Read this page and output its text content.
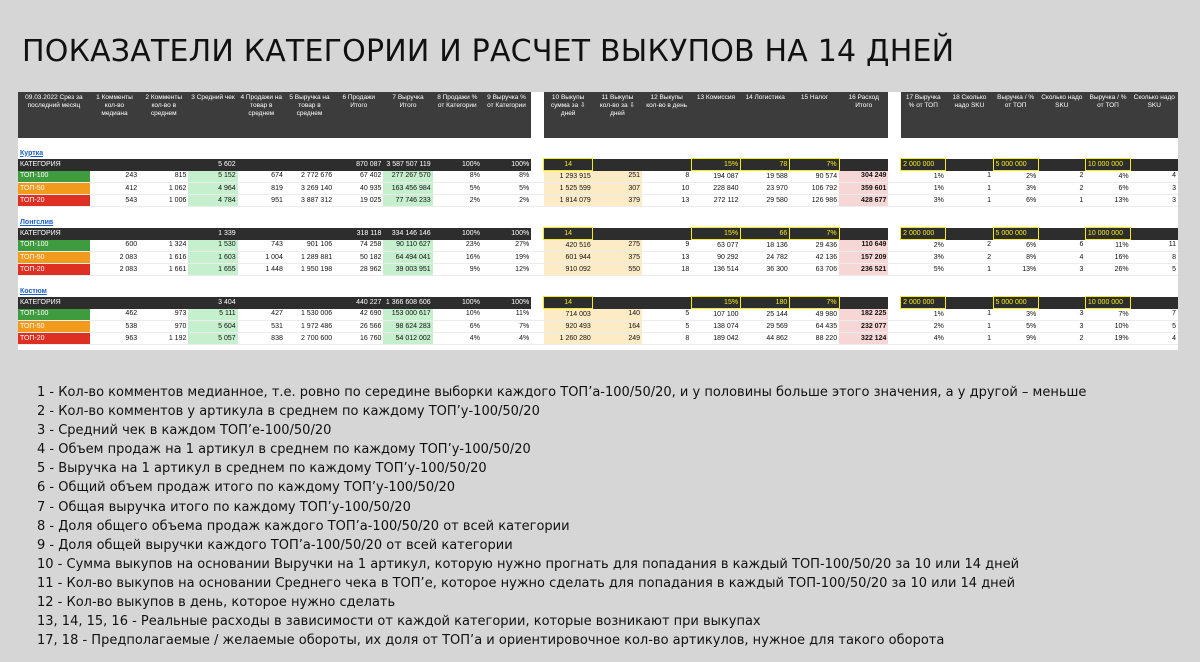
ПОКАЗАТЕЛИ КАТЕГОРИИ И РАСЧЕТ ВЫКУПОВ НА 14 ДНЕЙ
09.03.2022 Срез за последний месяц	1 Комменты кол-во медиана	2 Комменты кол-во в среднем	3 Средний чек	4 Продажи на товар в среднем	5 Выручка на товар в среднем	6 Продажи Итого	7 Выручка Итого	8 Продажи % от Категории	9 Выручка % от Категории		10 Выкупы сумма за ⇩ дней	11 Выкупы кол-во за ⇩ дней	12 Выкупы кол-во в день	13 Комиссия	14 Логистика	15 Налог	16 Расход Итого		17 Выручка % от ТОП	18 Сколько надо SKU	Выручка / % от ТОП	Сколько надо SKU	Выручка / % от ТОП	Сколько надо SKU

Куртка																								
КАТЕГОРИЯ			5 602			870 087	3 587 507 119	100%	100%		14			15%	78	7%			2 000 000		5 000 000		10 000 000	
ТОП-100	243	815	5 152	674	2 772 676	67 402	277 267 570	8%	8%		1 293 915	251	8	194 087	19 588	90 574	304 249		1%	1	2%	2	4%	4
ТОП-50	412	1 062	4 964	819	3 269 140	40 935	163 456 984	5%	5%		1 525 599	307	10	228 840	23 970	106 792	359 601		1%	1	3%	2	6%	3
ТОП-20	543	1 006	4 784	951	3 887 312	19 025	77 746 233	2%	2%		1 814 079	379	13	272 112	29 580	126 986	428 677		3%	1	6%	1	13%	3

Лонгслив																								
КАТЕГОРИЯ			1 339			318 118	334 146 146	100%	100%		14			15%	66	7%			2 000 000		5 000 000		10 000 000	
ТОП-100	600	1 324	1 530	743	901 106	74 258	90 110 627	23%	27%		420 516	275	9	63 077	18 136	29 436	110 649		2%	2	6%	6	11%	11
ТОП-50	2 083	1 616	1 603	1 004	1 289 881	50 182	64 494 041	16%	19%		601 944	375	13	90 292	24 782	42 136	157 209		3%	2	8%	4	16%	8
ТОП-20	2 083	1 661	1 655	1 448	1 950 198	28 962	39 003 951	9%	12%		910 092	550	18	136 514	36 300	63 706	236 521		5%	1	13%	3	26%	5

Костюм																								
КАТЕГОРИЯ			3 404			440 227	1 366 608 606	100%	100%		14			15%	180	7%			2 000 000		5 000 000		10 000 000	
ТОП-100	462	973	5 111	427	1 530 006	42 690	153 000 617	10%	11%		714 003	140	5	107 100	25 144	49 980	182 225		1%	1	3%	3	7%	7
ТОП-50	538	970	5 604	531	1 972 486	26 566	98 624 283	6%	7%		920 493	164	5	138 074	29 569	64 435	232 077		2%	1	5%	3	10%	5
ТОП-20	963	1 192	5 057	838	2 700 600	16 760	54 012 002	4%	4%		1 260 280	249	8	189 042	44 862	88 220	322 124		4%	1	9%	2	19%	4

1 - Кол-во комментов медианное, т.е. ровно по середине выборки каждого ТОП’а-100/50/20, и у половины больше этого значения, а у другой – меньше

2 - Кол-во комментов у артикула в среднем по каждому ТОП’у-100/50/20

3 - Средний чек в каждом ТОП’е-100/50/20

4 - Объем продаж на 1 артикул в среднем по каждому ТОП’у-100/50/20

5 - Выручка на 1 артикул в среднем по каждому ТОП’у-100/50/20

6 - Общий объем продаж итого по каждому ТОП’у-100/50/20

7 - Общая выручка итого по каждому ТОП’у-100/50/20

8 - Доля общего объема продаж каждого ТОП’а-100/50/20 от всей категории

9 - Доля общей выручки каждого ТОП’а-100/50/20 от всей категории

10 - Сумма выкупов на основании Выручки на 1 артикул, которую нужно прогнать для попадания в каждый ТОП-100/50/20 за 10 или 14 дней

11 - Кол-во выкупов на основании Среднего чека в ТОП’е, которое нужно сделать для попадания в каждый ТОП-100/50/20 за 10 или 14 дней

12 - Кол-во выкупов в день, которое нужно сделать

13, 14, 15, 16 - Реальные расходы в зависимости от каждой категории, которые возникают при выкупах

17, 18 - Предполагаемые / желаемые обороты, их доля от ТОП’а и ориентировочное кол-во артикулов, нужное для такого оборота
